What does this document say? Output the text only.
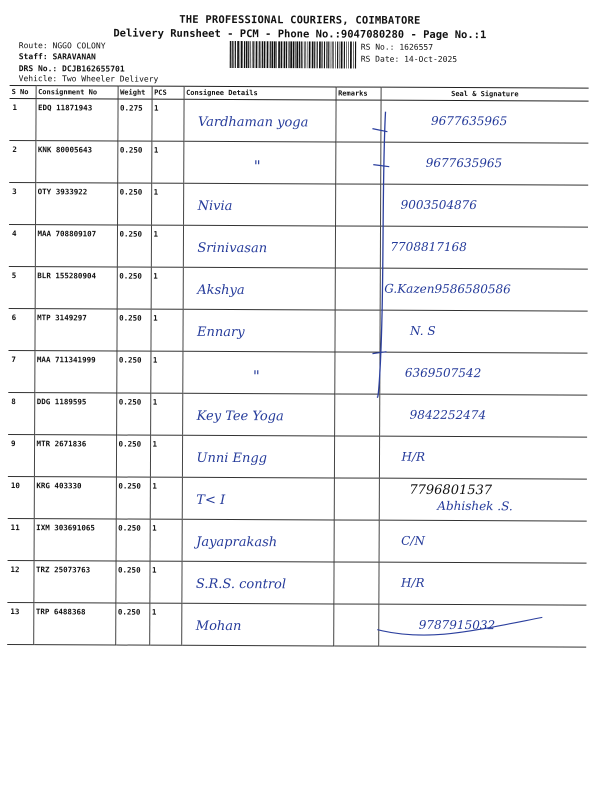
THE PROFESSIONAL COURIERS, COIMBATORE
Delivery Runsheet - PCM - Phone No.:9047080280 - Page No.:1
Route: NGGO COLONY
Staff: SARAVANAN
DRS No.: DCJB162655701
Vehicle: Two Wheeler Delivery
RS No.: 1626557
RS Date: 14-Oct-2025
S No	Consignment No	Weight	PCS	Consignee Details	Remarks	Seal & Signature
1	EDQ 11871943	0.275	1	Vardhaman yoga		9677635965

2	KNK 80005643	0.250	1	"		9677635965

3	OTY 3933922	0.250	1	Nivia		9003504876

4	MAA 708809107	0.250	1	Srinivasan		7708817168

5	BLR 155280904	0.250	1	Akshya		G.Kazen9586580586

6	MTP 3149297	0.250	1	Ennary		N. S

7	MAA 711341999	0.250	1	"		6369507542

8	DDG 1189595	0.250	1	Key Tee Yoga		9842252474

9	MTR 2671836	0.250	1	Unni Engg		H/R

10	KRG 403330	0.250	1	T< I		7796801537
Abhishek .S.

11	IXM 303691065	0.250	1	Jayaprakash		C/N

12	TRZ 25073763	0.250	1	S.R.S. control		H/R

13	TRP 6488368	0.250	1	Mohan		9787915032
